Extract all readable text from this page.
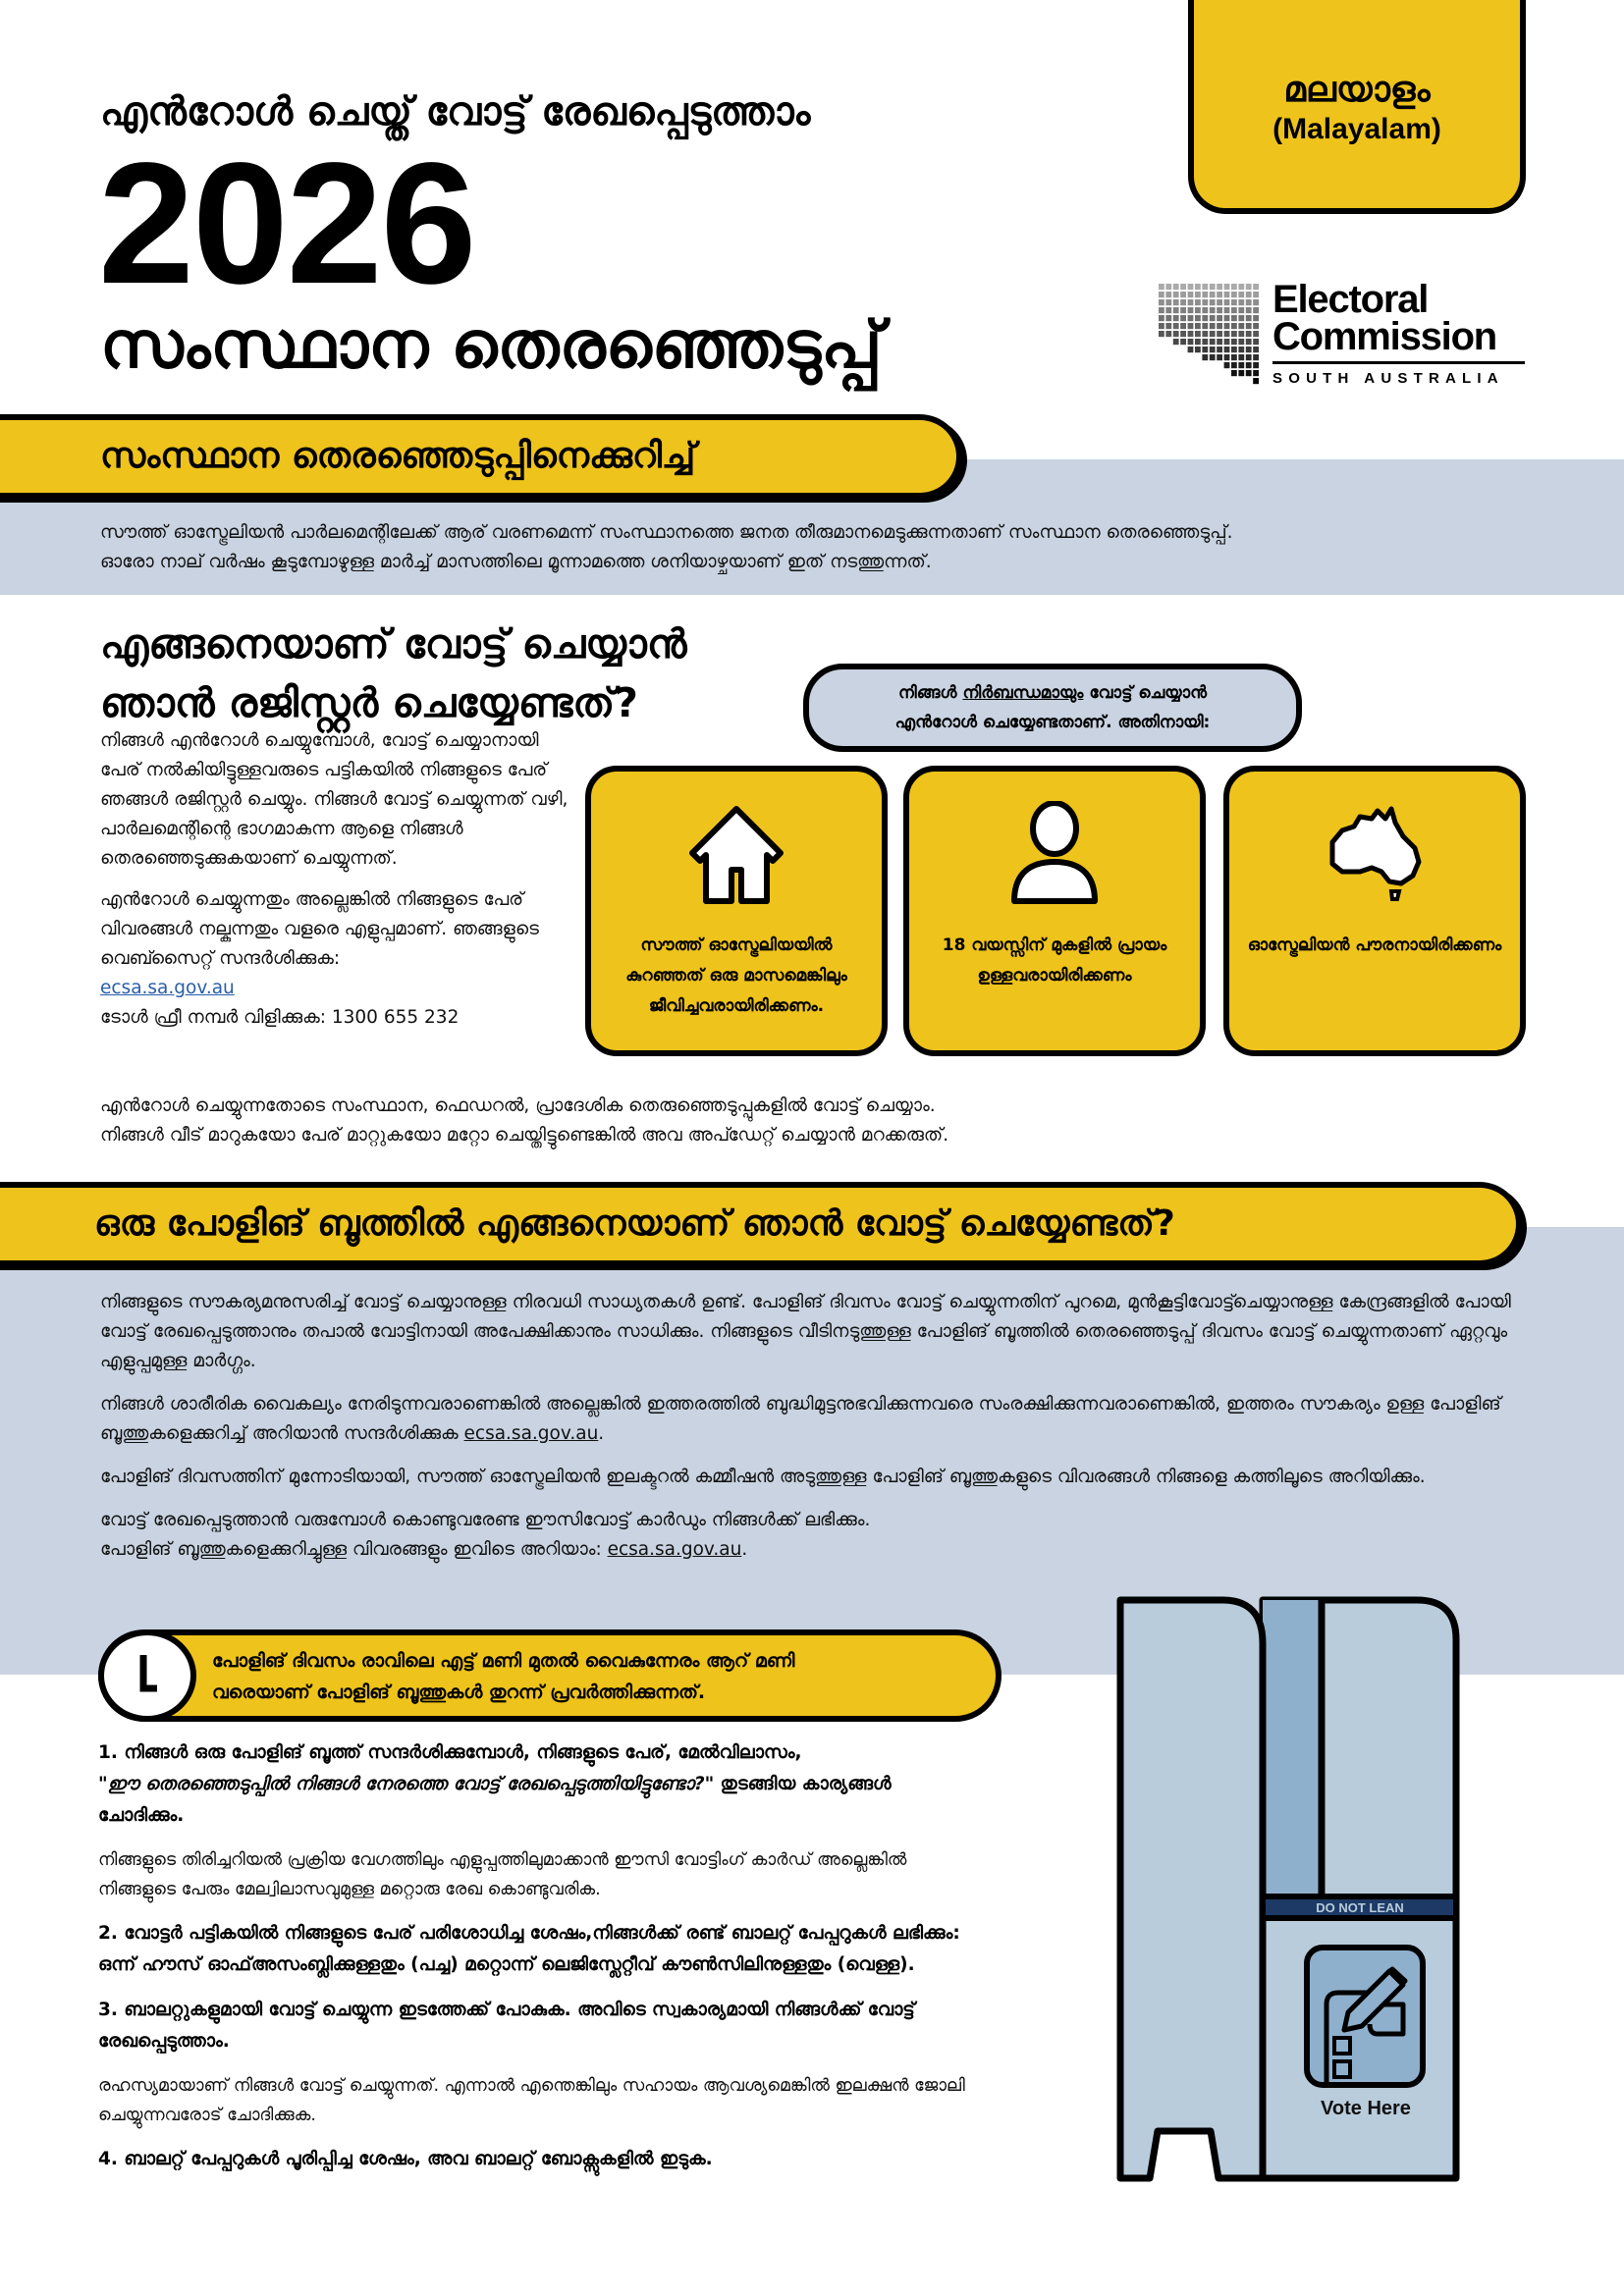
മലയാളം
(Malayalam)
എൻറോൾ ചെയ്ത് വോട്ട് രേഖപ്പെടുത്താം
2026
സംസ്ഥാന തെരഞ്ഞെടുപ്പ്
Electoral
Commission
SOUTH AUSTRALIA
സംസ്ഥാന തെരഞ്ഞെടുപ്പിനെക്കുറിച്ച്
സൗത്ത് ഓസ്ട്രേലിയൻ പാർലമെന്റിലേക്ക് ആര് വരണമെന്ന് സംസ്ഥാനത്തെ ജനത തീരുമാനമെടുക്കുന്നതാണ് സംസ്ഥാന തെരഞ്ഞെടുപ്പ്.
ഓരോ നാല് വർഷം കൂടുമ്പോഴുള്ള മാർച്ച് മാസത്തിലെ മൂന്നാമത്തെ ശനിയാഴ്ചയാണ് ഇത് നടത്തുന്നത്.
എങ്ങനെയാണ് വോട്ട് ചെയ്യാൻ
ഞാൻ രജിസ്റ്റർ ചെയ്യേണ്ടത്?

നിങ്ങൾ എൻറോൾ ചെയ്യുമ്പോൾ, വോട്ട് ചെയ്യാനായി പേര് നൽകിയിട്ടുള്ളവരുടെ പട്ടികയിൽ നിങ്ങളുടെ പേര് ഞങ്ങൾ രജിസ്റ്റർ ചെയ്യും. നിങ്ങൾ വോട്ട് ചെയ്യുന്നത് വഴി, പാർലമെന്റിന്റെ ഭാഗമാകുന്ന ആളെ നിങ്ങൾ തെരഞ്ഞെടുക്കുകയാണ് ചെയ്യുന്നത്.

എൻറോൾ ചെയ്യുന്നതും അല്ലെങ്കിൽ നിങ്ങളുടെ പേര് വിവരങ്ങൾ നല്കുന്നതും വളരെ എളുപ്പമാണ്. ഞങ്ങളുടെ വെബ്സൈറ്റ് സന്ദർശിക്കുക:

ecsa.sa.gov.au
ടോൾ ഫ്രീ നമ്പർ വിളിക്കുക: 1300 655 232
നിങ്ങൾ നിർബന്ധമായും വോട്ട് ചെയ്യാൻ
എൻറോൾ ചെയ്യേണ്ടതാണ്. അതിനായി:
സൗത്ത് ഓസ്ട്രേലിയയിൽ കുറഞ്ഞത് ഒരു മാസമെങ്കിലും ജീവിച്ചവരായിരിക്കണം.
18 വയസ്സിന് മുകളിൽ പ്രായം ഉള്ളവരായിരിക്കണം
ഓസ്ട്രേലിയൻ പൗരനായിരിക്കണം
എൻറോൾ ചെയ്യുന്നതോടെ സംസ്ഥാന, ഫെഡറൽ, പ്രാദേശിക തെരുഞ്ഞെടുപ്പുകളിൽ വോട്ട് ചെയ്യാം.
നിങ്ങൾ വീട് മാറുകയോ പേര് മാറ്റുകയോ മറ്റോ ചെയ്തിട്ടുണ്ടെങ്കിൽ അവ അപ്ഡേറ്റ് ചെയ്യാൻ മറക്കരുത്.
ഒരു പോളിങ് ബൂത്തിൽ എങ്ങനെയാണ് ഞാൻ വോട്ട് ചെയ്യേണ്ടത്?

നിങ്ങളുടെ സൗകര്യമനുസരിച്ച് വോട്ട് ചെയ്യാനുള്ള നിരവധി സാധ്യതകൾ ഉണ്ട്. പോളിങ് ദിവസം വോട്ട് ചെയ്യുന്നതിന് പുറമെ, മുൻകൂട്ടിവോട്ട്ചെയ്യാനുള്ള കേന്ദ്രങ്ങളിൽ പോയി വോട്ട് രേഖപ്പെടുത്താനും തപാൽ വോട്ടിനായി അപേക്ഷിക്കാനും സാധിക്കും. നിങ്ങളുടെ വീടിനടുത്തുള്ള പോളിങ് ബൂത്തിൽ തെരഞ്ഞെടുപ്പ് ദിവസം വോട്ട് ചെയ്യുന്നതാണ് ഏറ്റവും എളുപ്പമുള്ള മാർഗ്ഗം.

നിങ്ങൾ ശാരീരിക വൈകല്യം നേരിടുന്നവരാണെങ്കിൽ അല്ലെങ്കിൽ ഇത്തരത്തിൽ ബുദ്ധിമുട്ടനുഭവിക്കുന്നവരെ സംരക്ഷിക്കുന്നവരാണെങ്കിൽ, ഇത്തരം സൗകര്യം ഉള്ള പോളിങ് ബൂത്തുകളെക്കുറിച്ച് അറിയാൻ സന്ദർശിക്കുക ecsa.sa.gov.au.

പോളിങ് ദിവസത്തിന് മുന്നോടിയായി, സൗത്ത് ഓസ്ട്രേലിയൻ ഇലക്ടറൽ കമ്മീഷൻ അടുത്തുള്ള പോളിങ് ബൂത്തുകളുടെ വിവരങ്ങൾ നിങ്ങളെ കത്തിലൂടെ അറിയിക്കും.

വോട്ട് രേഖപ്പെടുത്താൻ വരുമ്പോൾ കൊണ്ടുവരേണ്ട ഈസിവോട്ട് കാർഡും നിങ്ങൾക്ക് ലഭിക്കും.
പോളിങ് ബൂത്തുകളെക്കുറിച്ചുള്ള വിവരങ്ങളും ഇവിടെ അറിയാം: ecsa.sa.gov.au.

പോളിങ് ദിവസം രാവിലെ എട്ട് മണി മുതൽ വൈകുന്നേരം ആറ് മണി
വരെയാണ് പോളിങ് ബൂത്തുകൾ തുറന്ന് പ്രവർത്തിക്കുന്നത്.
1. നിങ്ങൾ ഒരു പോളിങ് ബൂത്ത് സന്ദർശിക്കുമ്പോൾ, നിങ്ങളുടെ പേര്, മേൽവിലാസം,
"ഈ തെരഞ്ഞെടുപ്പിൽ നിങ്ങൾ നേരത്തെ വോട്ട് രേഖപ്പെടുത്തിയിട്ടുണ്ടോ?" തുടങ്ങിയ കാര്യങ്ങൾ ചോദിക്കും.
നിങ്ങളുടെ തിരിച്ചറിയൽ പ്രക്രിയ വേഗത്തിലും എളുപ്പത്തിലുമാക്കാൻ ഈസി വോട്ടിംഗ് കാർഡ് അല്ലെങ്കിൽ നിങ്ങളുടെ പേരും മേല്വിലാസവുമുള്ള മറ്റൊരു രേഖ കൊണ്ടുവരിക.
2. വോട്ടർ പട്ടികയിൽ നിങ്ങളുടെ പേര് പരിശോധിച്ച ശേഷം,നിങ്ങൾക്ക് രണ്ട് ബാലറ്റ് പേപ്പറുകൾ ലഭിക്കും: ഒന്ന് ഹൗസ് ഓഫ്അസംബ്ലിക്കുള്ളതും (പച്ച) മറ്റൊന്ന് ലെജിസ്ലേറ്റീവ് കൗൺസിലിനുള്ളതും (വെള്ള).
3. ബാലറ്റുകളുമായി വോട്ട് ചെയ്യുന്ന ഇടത്തേക്ക് പോകുക. അവിടെ സ്വകാര്യമായി നിങ്ങൾക്ക് വോട്ട് രേഖപ്പെടുത്താം.
രഹസ്യമായാണ് നിങ്ങൾ വോട്ട് ചെയ്യുന്നത്. എന്നാൽ എന്തെങ്കിലും സഹായം ആവശ്യമെങ്കിൽ ഇലക്ഷൻ ജോലി ചെയ്യുന്നവരോട് ചോദിക്കുക.
4. ബാലറ്റ് പേപ്പറുകൾ പൂരിപ്പിച്ച ശേഷം, അവ ബാലറ്റ് ബോക്സുകളിൽ ഇടുക.
DO NOT LEAN
Vote Here
